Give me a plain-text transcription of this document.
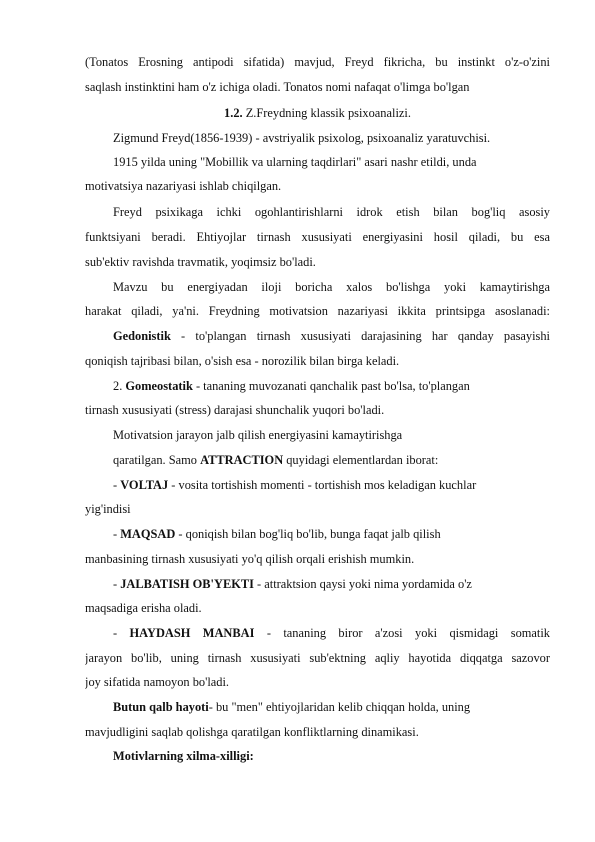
(Tonatos Erosning antipodi sifatida) mavjud, Freyd fikricha, bu instinkt o'z-o'zini
saqlash instinktini ham o'z ichiga oladi. Tonatos nomi nafaqat o'limga bo'lgan
1.2. Z.Freydning klassik psixoanalizi.
Zigmund Freyd(1856-1939) - avstriyalik psixolog, psixoanaliz yaratuvchisi.
1915 yilda uning "Mobillik va ularning taqdirlari" asari nashr etildi, unda
motivatsiya nazariyasi ishlab chiqilgan.
Freyd psixikaga ichki ogohlantirishlarni idrok etish bilan bog'liq asosiy
funktsiyani beradi. Ehtiyojlar tirnash xususiyati energiyasini hosil qiladi, bu esa
sub'ektiv ravishda travmatik, yoqimsiz bo'ladi.
Mavzu bu energiyadan iloji boricha xalos bo'lishga yoki kamaytirishga
harakat qiladi, ya'ni. Freydning motivatsion nazariyasi ikkita printsipga asoslanadi:
Gedonistik - to'plangan tirnash xususiyati darajasining har qanday pasayishi
qoniqish tajribasi bilan, o'sish esa - norozilik bilan birga keladi.
2. Gomeostatik - tananing muvozanati qanchalik past bo'lsa, to'plangan
tirnash xususiyati (stress) darajasi shunchalik yuqori bo'ladi.
Motivatsion jarayon jalb qilish energiyasini kamaytirishga
qaratilgan. Samo ATTRACTION quyidagi elementlardan iborat:
- VOLTAJ - vosita tortishish momenti - tortishish mos keladigan kuchlar
yig'indisi
- MAQSAD - qoniqish bilan bog'liq bo'lib, bunga faqat jalb qilish
manbasining tirnash xususiyati yo'q qilish orqali erishish mumkin.
- JALBATISH OB'YEKTI - attraktsion qaysi yoki nima yordamida o'z
maqsadiga erisha oladi.
- HAYDASH MANBAI - tananing biror a'zosi yoki qismidagi somatik
jarayon bo'lib, uning tirnash xususiyati sub'ektning aqliy hayotida diqqatga sazovor
joy sifatida namoyon bo'ladi.
Butun qalb hayoti- bu "men" ehtiyojlaridan kelib chiqqan holda, uning
mavjudligini saqlab qolishga qaratilgan konfliktlarning dinamikasi.
Motivlarning xilma-xilligi:
